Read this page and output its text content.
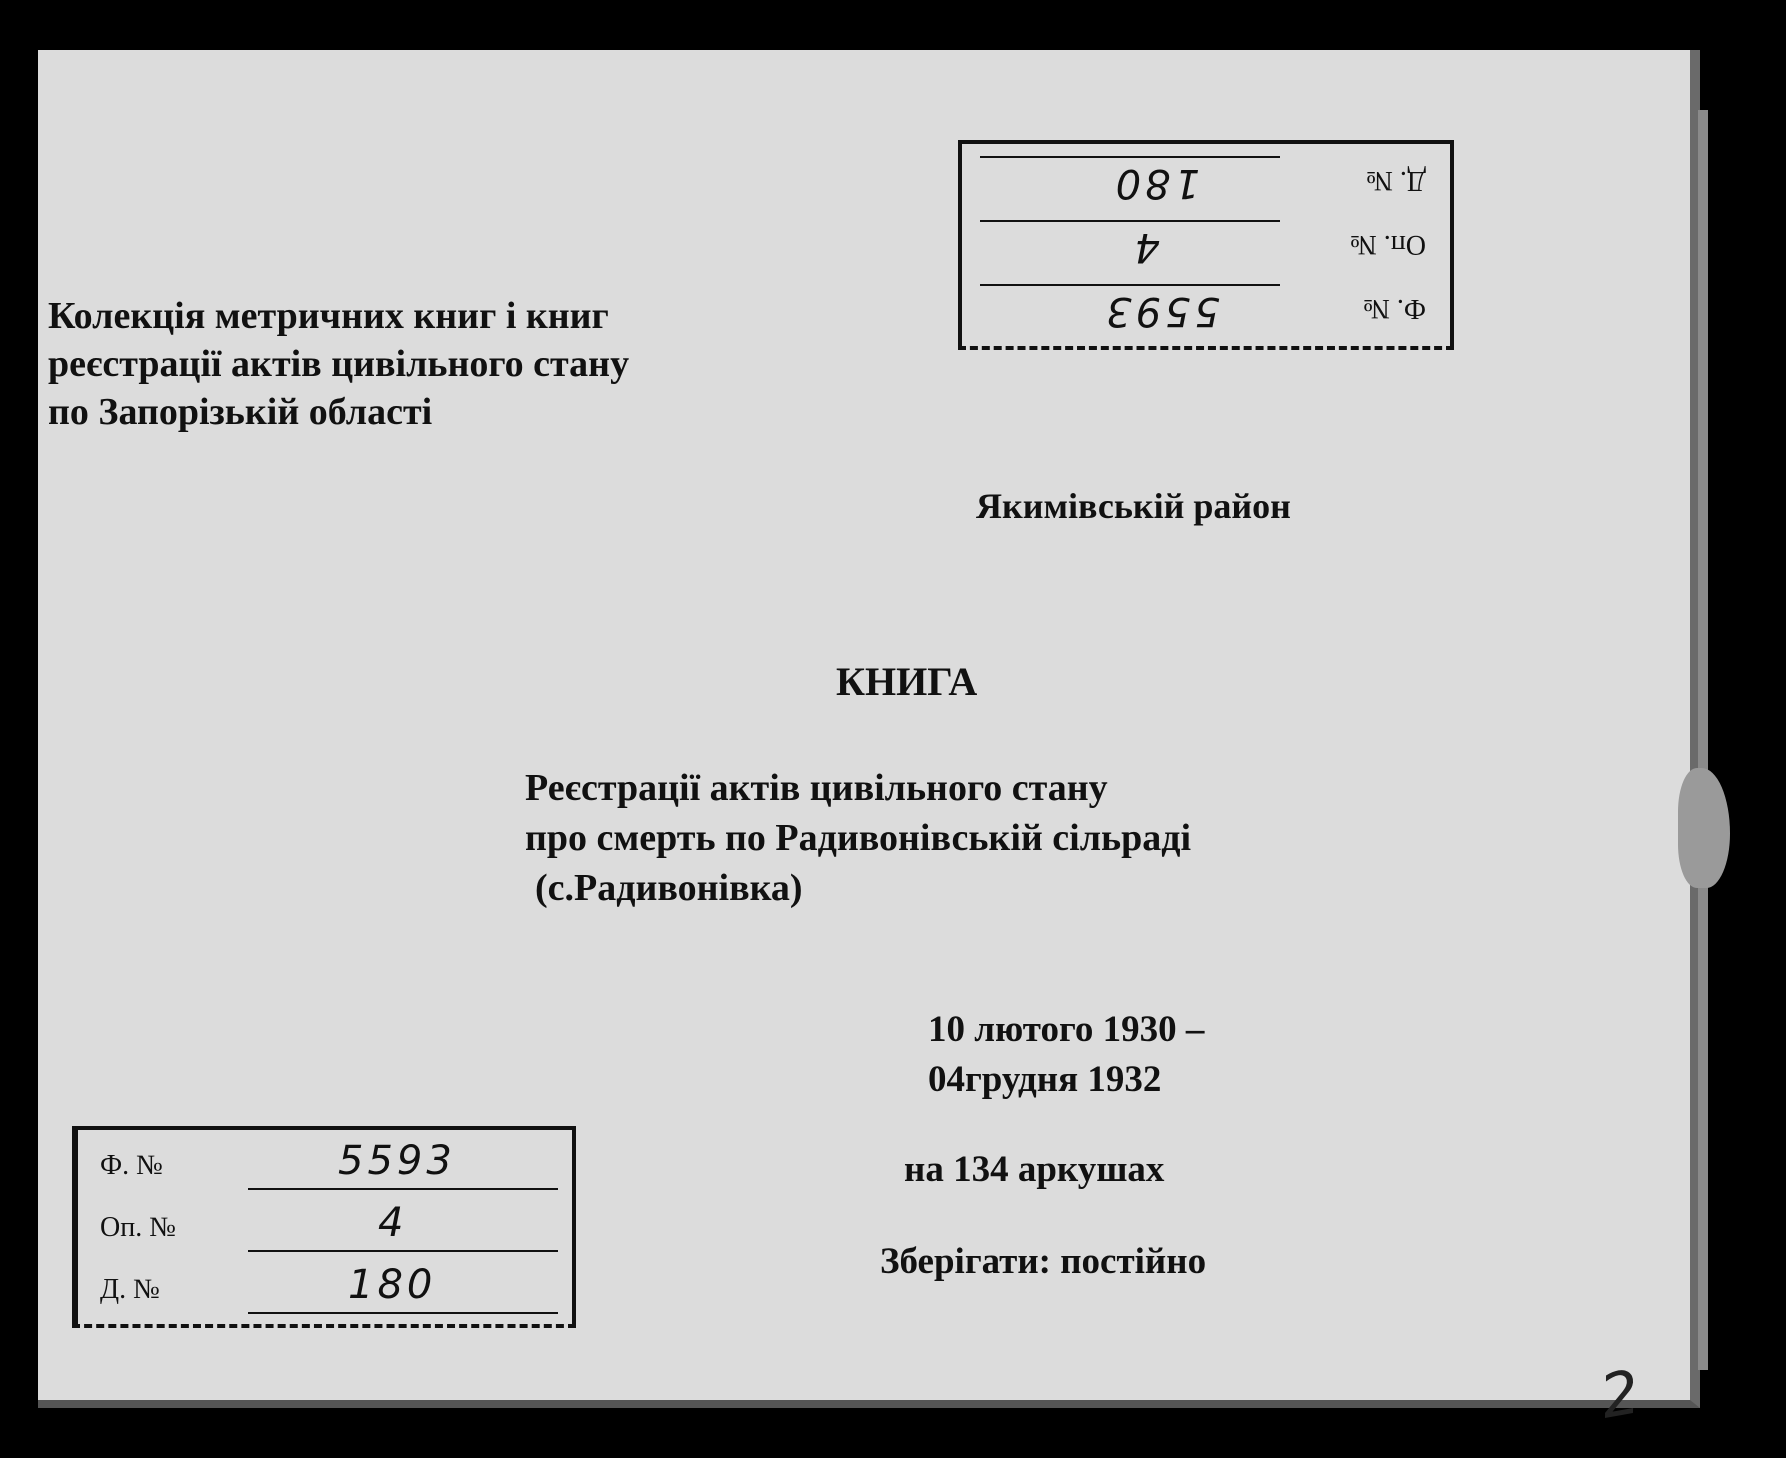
Колекція метричних книг і книг
реєстрації актів цивільного стану
по Запорізькій області
Ф. №
5593
Оп. №
4
Д. №
180
Якимівській район
КНИГА
Реєстрації актів цивільного стану
про смерть по Радивонівській сільраді
(с.Радивонівка)
10 лютого 1930 –
04грудня 1932
на 134 аркушах
Зберігати: постійно
Ф. №	5593
Оп. №	4
Д. №	180
2
